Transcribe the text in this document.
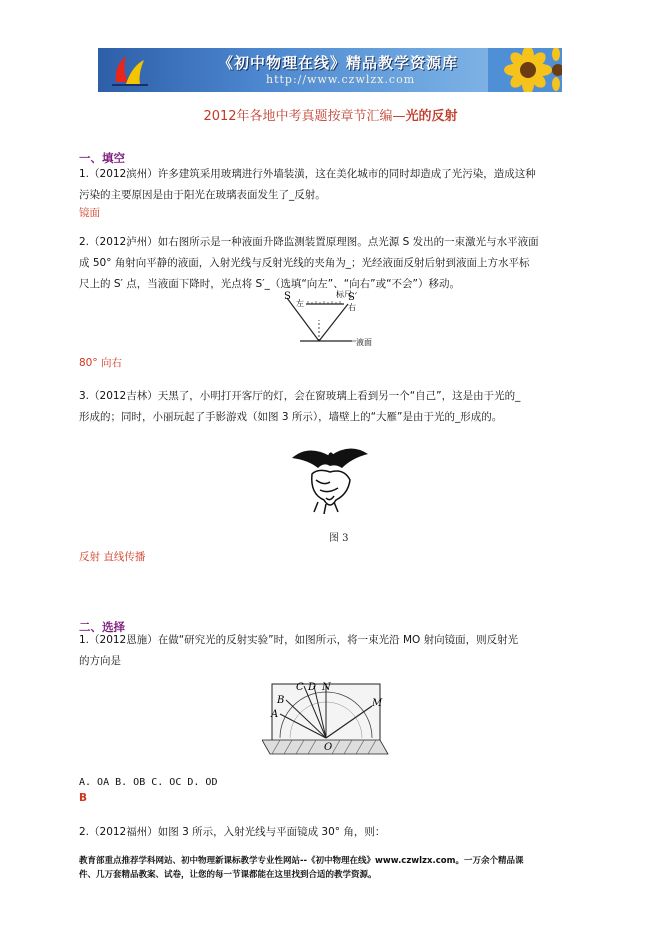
《初中物理在线》精品教学资源库
http://www.czwlzx.com
2012年各地中考真题按章节汇编—光的反射
一、填空
1.（2012滨州）许多建筑采用玻璃进行外墙装潢，这在美化城市的同时却造成了光污染，造成这种
污染的主要原因是由于阳光在玻璃表面发生了_反射。
镜面
2.（2012泸州）如右图所示是一种液面升降监测装置原理图。点光源 S 发出的一束激光与水平液面
成 50° 角射向平静的液面，入射光线与反射光线的夹角为_；光经液面反射后射到液面上方水平标
尺上的 S′ 点，当液面下降时，光点将 S′_（选填“向左”、“向右”或“不会”）移动。
S	S′
标尺
左	右
液面
80° 向右
3.（2012吉林）天黑了，小明打开客厅的灯，会在窗玻璃上看到另一个“自己”，这是由于光的_
形成的；同时，小丽玩起了手影游戏（如图 3 所示），墙壁上的“大雁”是由于光的_形成的。
图 3
反射 直线传播
二、选择
1.（2012恩施）在做“研究光的反射实验”时，如图所示，将一束光沿 MO 射向镜面，则反射光
的方向是
A
B
C D N
M
O
A. OA B. OB C. OC D. OD
B
2.（2012福州）如图 3 所示，入射光线与平面镜成 30° 角，则：
教育部重点推荐学科网站、初中物理新课标教学专业性网站--《初中物理在线》www.czwlzx.com。一万余个精品课
件、几万套精品教案、试卷，让您的每一节课都能在这里找到合适的教学资源。
